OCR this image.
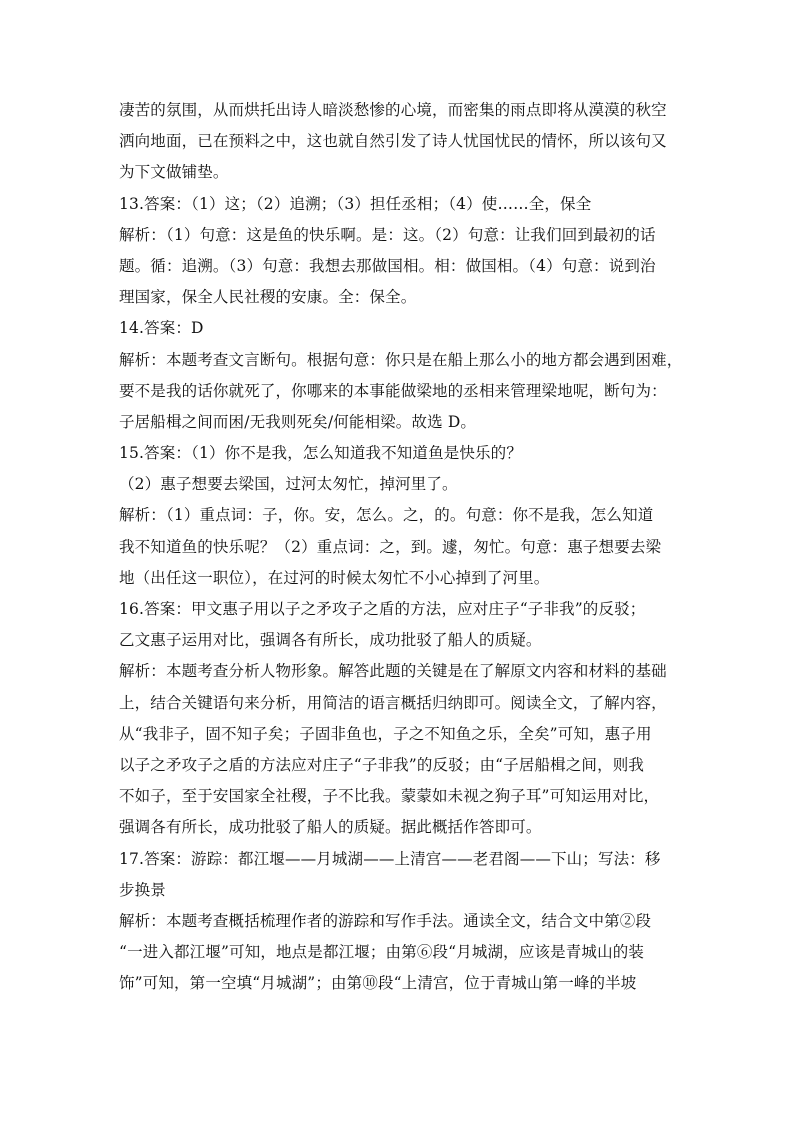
凄苦的氛围，从而烘托出诗人暗淡愁惨的心境，而密集的雨点即将从漠漠的秋空
洒向地面，已在预料之中，这也就自然引发了诗人忧国忧民的情怀，所以该句又
为下文做铺垫。
13.答案：（1）这；（2）追溯；（3）担任丞相；（4）使……全，保全
解析：（1）句意：这是鱼的快乐啊。是：这。（2）句意：让我们回到最初的话
题。循：追溯。（3）句意：我想去那做国相。相：做国相。（4）句意：说到治
理国家，保全人民社稷的安康。全：保全。
14.答案：D
解析：本题考查文言断句。根据句意：你只是在船上那么小的地方都会遇到困难，
要不是我的话你就死了，你哪来的本事能做梁地的丞相来管理梁地呢，断句为：
子居船楫之间而困/无我则死矣/何能相梁。故选 D。
15.答案：（1）你不是我，怎么知道我不知道鱼是快乐的？
（2）惠子想要去梁国，过河太匆忙，掉河里了。
解析：（1）重点词：子，你。安，怎么。之，的。句意：你不是我，怎么知道
我不知道鱼的快乐呢？（2）重点词：之，到。遽，匆忙。句意：惠子想要去梁
地（出任这一职位），在过河的时候太匆忙不小心掉到了河里。
16.答案：甲文惠子用以子之矛攻子之盾的方法，应对庄子“子非我”的反驳；
乙文惠子运用对比，强调各有所长，成功批驳了船人的质疑。
解析：本题考查分析人物形象。解答此题的关键是在了解原文内容和材料的基础
上，结合关键语句来分析，用简洁的语言概括归纳即可。阅读全文，了解内容，
从“我非子，固不知子矣；子固非鱼也，子之不知鱼之乐，全矣”可知，惠子用
以子之矛攻子之盾的方法应对庄子“子非我”的反驳；由“子居船楫之间，则我
不如子，至于安国家全社稷，子不比我。蒙蒙如未视之狗子耳”可知运用对比，
强调各有所长，成功批驳了船人的质疑。据此概括作答即可。
17.答案：游踪：都江堰——月城湖——上清宫——老君阁——下山；写法：移
步换景
解析：本题考查概括梳理作者的游踪和写作手法。通读全文，结合文中第②段
“一进入都江堰”可知，地点是都江堰；由第⑥段“月城湖，应该是青城山的装
饰”可知，第一空填“月城湖”；由第⑩段“上清宫，位于青城山第一峰的半坡
